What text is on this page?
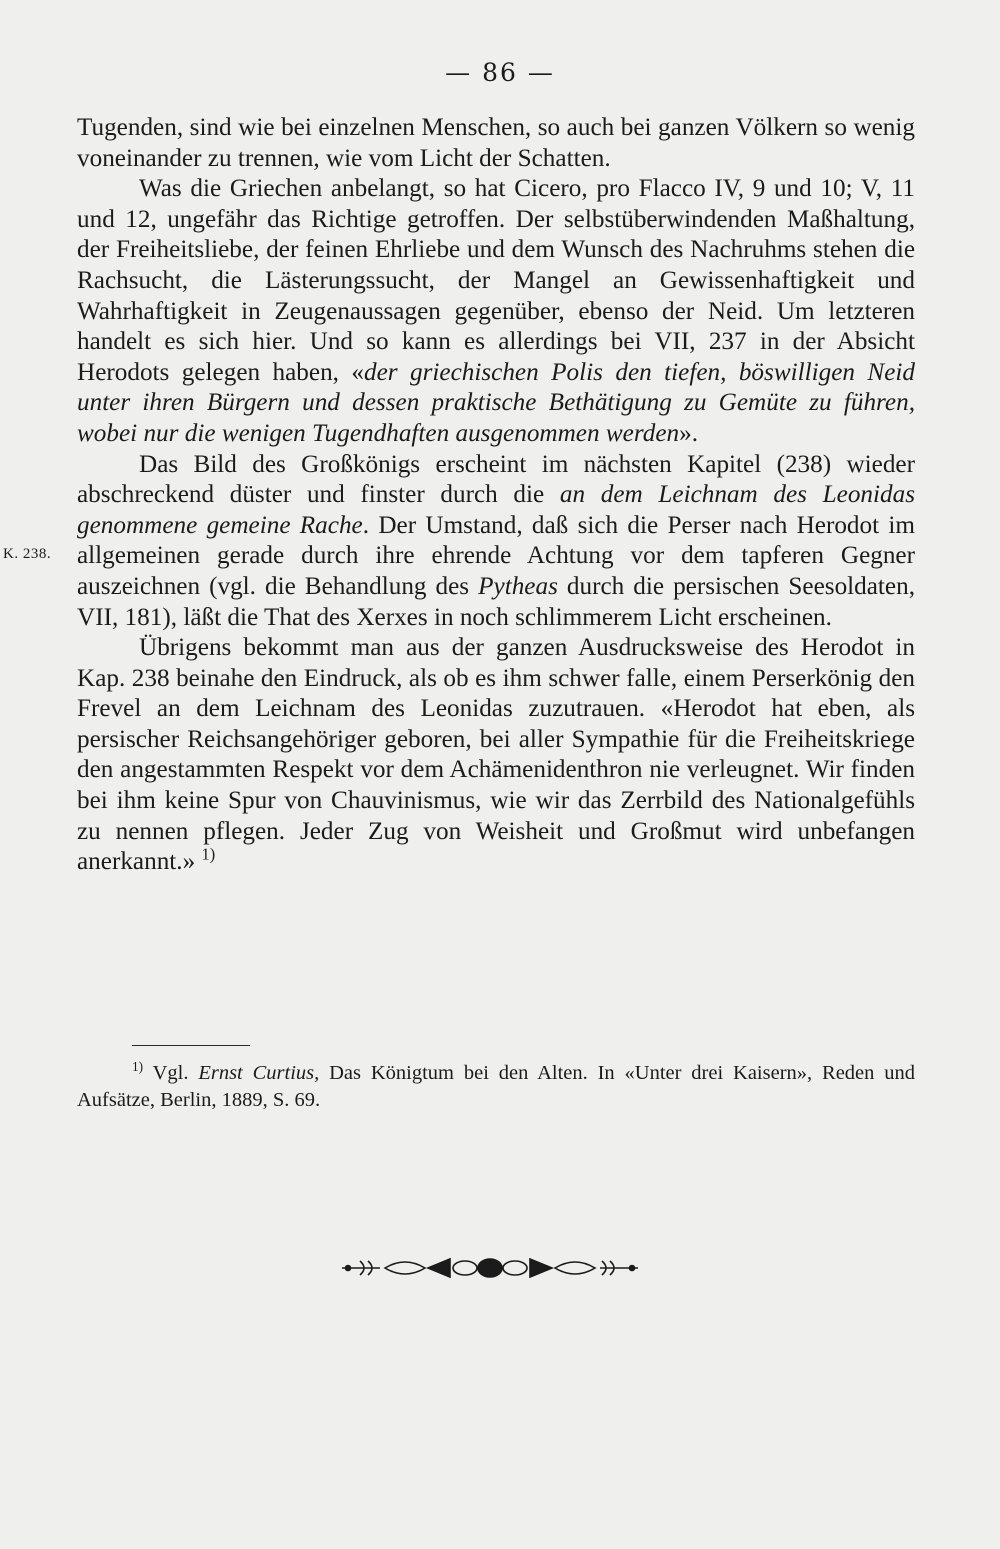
— 86 —
K. 238.

Tugenden, sind wie bei einzelnen Menschen, so auch bei ganzen Völkern so wenig voneinander zu trennen, wie vom Licht der Schatten.

Was die Griechen anbelangt, so hat Cicero, pro Flacco IV, 9 und 10; V, 11 und 12, ungefähr das Richtige getroffen. Der selbstüberwindenden Maßhaltung, der Freiheitsliebe, der feinen Ehrliebe und dem Wunsch des Nachruhms stehen die Rachsucht, die Lästerungssucht, der Mangel an Gewissenhaftigkeit und Wahrhaftigkeit in Zeugenaussagen gegenüber, ebenso der Neid. Um letzteren handelt es sich hier. Und so kann es allerdings bei VII, 237 in der Absicht Herodots gelegen haben, «der griechischen Polis den tiefen, böswilligen Neid unter ihren Bürgern und dessen praktische Bethätigung zu Gemüte zu führen, wobei nur die wenigen Tugendhaften ausgenommen werden».

Das Bild des Großkönigs erscheint im nächsten Kapitel (238) wieder abschreckend düster und finster durch die an dem Leichnam des Leonidas genommene gemeine Rache. Der Umstand, daß sich die Perser nach Herodot im allgemeinen gerade durch ihre ehrende Achtung vor dem tapferen Gegner auszeichnen (vgl. die Behandlung des Pytheas durch die persischen Seesoldaten, VII, 181), läßt die That des Xerxes in noch schlimmerem Licht erscheinen.

Übrigens bekommt man aus der ganzen Ausdrucksweise des Herodot in Kap. 238 beinahe den Eindruck, als ob es ihm schwer falle, einem Perserkönig den Frevel an dem Leichnam des Leonidas zuzutrauen. «Herodot hat eben, als persischer Reichsangehöriger geboren, bei aller Sympathie für die Freiheitskriege den angestammten Respekt vor dem Achämenidenthron nie verleugnet. Wir finden bei ihm keine Spur von Chauvinismus, wie wir das Zerrbild des Nationalgefühls zu nennen pflegen. Jeder Zug von Weisheit und Großmut wird unbefangen anerkannt.» $^{1)}$

$^{1)}$ Vgl. Ernst Curtius, Das Königtum bei den Alten. In «Unter drei Kaisern», Reden und Aufsätze, Berlin, 1889, S. 69.
